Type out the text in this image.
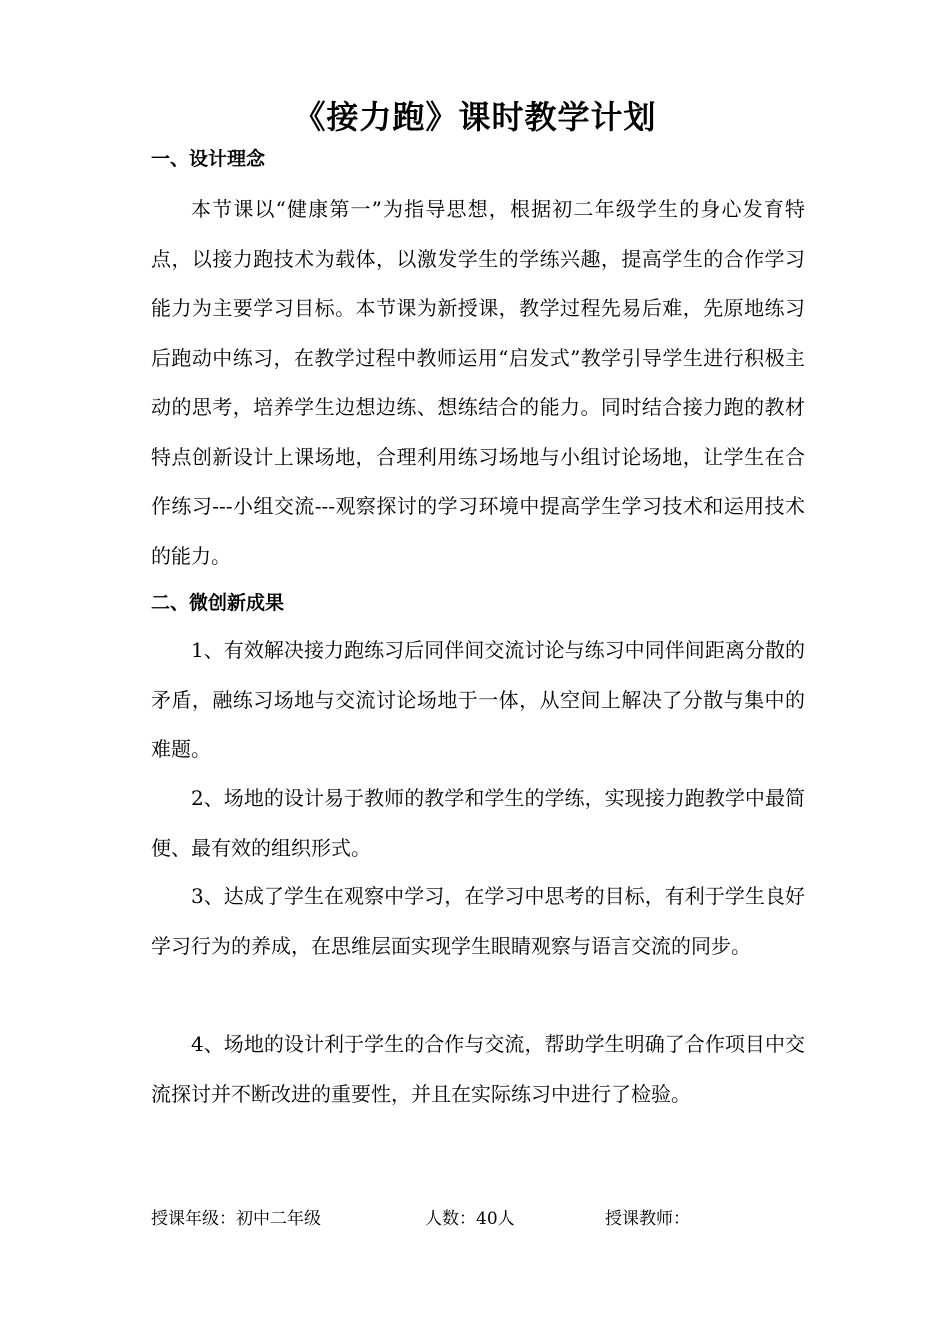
《接力跑》课时教学计划
一、设计理念

本节课以“健康第一”为指导思想，根据初二年级学生的身心发育特点，以接力跑技术为载体，以激发学生的学练兴趣，提高学生的合作学习能力为主要学习目标。本节课为新授课，教学过程先易后难，先原地练习后跑动中练习，在教学过程中教师运用“启发式”教学引导学生进行积极主动的思考，培养学生边想边练、想练结合的能力。同时结合接力跑的教材特点创新设计上课场地，合理利用练习场地与小组讨论场地，让学生在合作练习---小组交流---观察探讨的学习环境中提高学生学习技术和运用技术的能力。

二、微创新成果

1、有效解决接力跑练习后同伴间交流讨论与练习中同伴间距离分散的矛盾，融练习场地与交流讨论场地于一体，从空间上解决了分散与集中的难题。

2、场地的设计易于教师的教学和学生的学练，实现接力跑教学中最简便、最有效的组织形式。

3、达成了学生在观察中学习，在学习中思考的目标，有利于学生良好学习行为的养成，在思维层面实现学生眼睛观察与语言交流的同步。

4、场地的设计利于学生的合作与交流，帮助学生明确了合作项目中交流探讨并不断改进的重要性，并且在实际练习中进行了检验。

授课年级：初中二年级	人数：40人	授课教师：
